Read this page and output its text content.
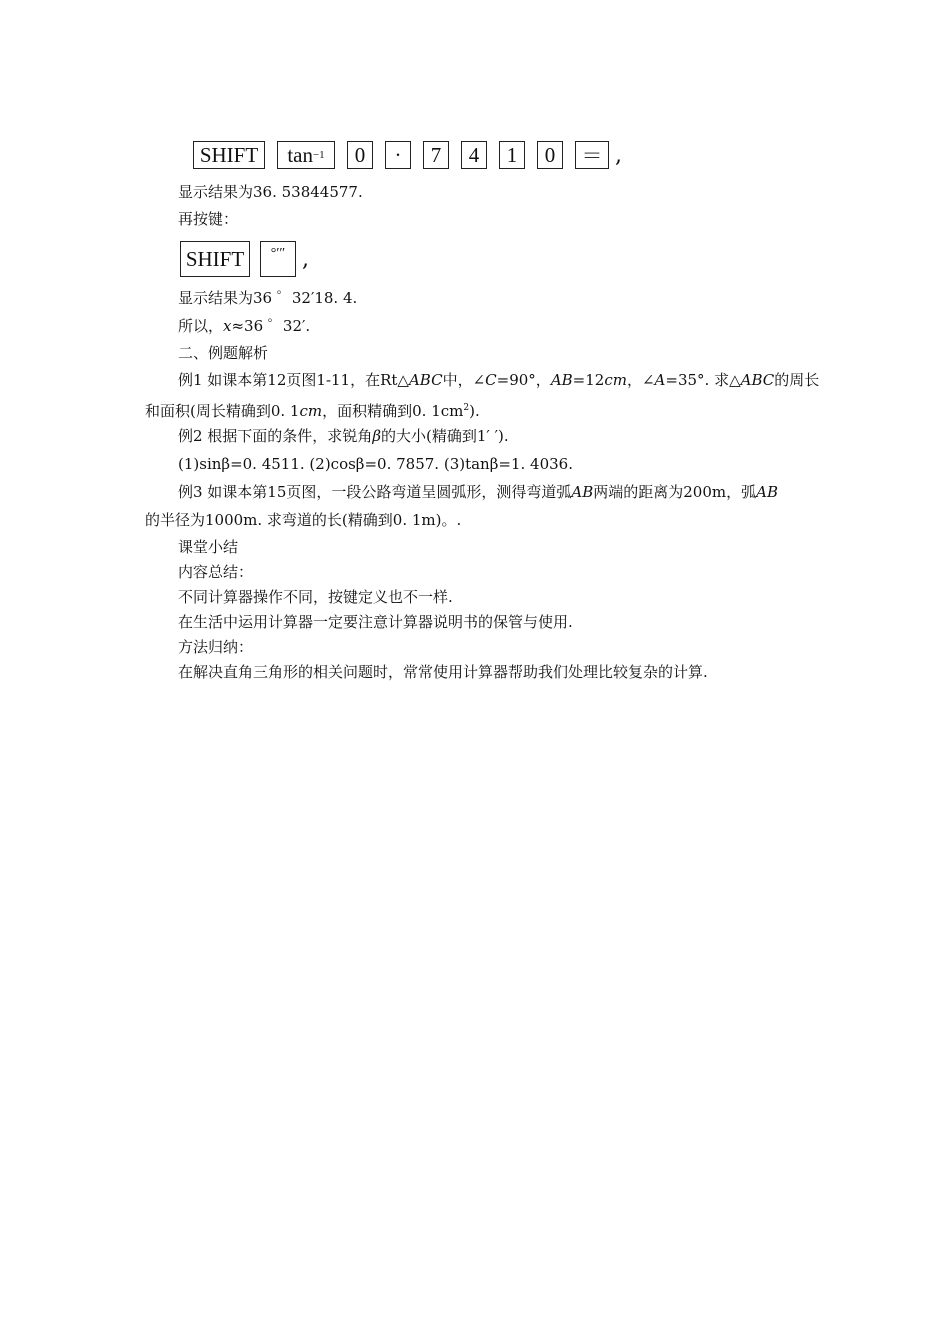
SHIFT	tan −1	0	·	7	4	1	0	＝ ,
显示结果为36. 53844577.
再按键：
SHIFT	°′″ ,
显示结果为36 ゜32′18. 4.
所以，x≈36 ゜32′.
二、例题解析
例1 如课本第12页图1-11，在Rt△ABC中，∠C=90°，AB=12cm，∠A=35°. 求△ABC的周长
和面积(周长精确到0. 1cm，面积精确到0. $1cm^2$).
例2 根据下面的条件，求锐角β的大小(精确到1′ ′).
(1)sinβ=0. 4511. (2)cosβ=0. 7857. (3)tanβ=1. 4036.
例3 如课本第15页图，一段公路弯道呈圆弧形，测得弯道弧AB两端的距离为200m，弧AB
的半径为1000m. 求弯道的长(精确到0. 1m)。.
课堂小结
内容总结：
不同计算器操作不同，按键定义也不一样.
在生活中运用计算器一定要注意计算器说明书的保管与使用.
方法归纳：
在解决直角三角形的相关问题时，常常使用计算器帮助我们处理比较复杂的计算.
